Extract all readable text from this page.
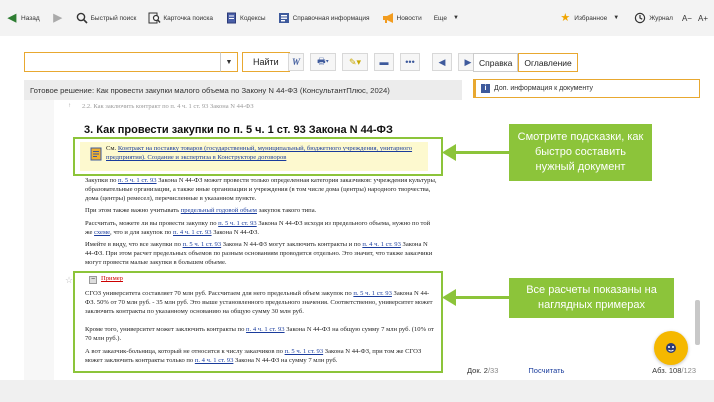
◀ Назад ▶	Быстрый поиск	Карточка поиска	Кодексы	Справочная информация	Новости Еще	▼	★ Избранное	▼	Журнал A− A+
▼	Найти	W 🖶▾ ✎▾ ▬ •••	◀ ▶ Справка	Оглавление
Готовое решение: Как провести закупки малого объема по Закону N 44-ФЗ (КонсультантПлюс, 2024)
↑ 2.2. Как заключить контракт по п. 4 ч. 1 ст. 93 Закона N 44-ФЗ
3. Как провести закупки по п. 5 ч. 1 ст. 93 Закона N 44-ФЗ
См. Контракт на поставку товаров (государственный, муниципальный, бюджетного учреждения, унитарного предприятия). Создание и экспертиза в Конструкторе договоров
Закупки по п. 5 ч. 1 ст. 93 Закона N 44-ФЗ может провести только определенная категория заказчиков: учреждения культуры, образовательные организации, а также иные организации и учреждения (в том числе дома (центры) народного творчества, дома (центры) ремесел), перечисленные в указанном пункте.
При этом также важно учитывать предельный годовой объем закупок такого типа.
Рассчитать, можете ли вы провести закупку по п. 5 ч. 1 ст. 93 Закона N 44-ФЗ исходя из предельного объема, нужно по той же схеме, что и для закупок по п. 4 ч. 1 ст. 93 Закона N 44-ФЗ.
Имейте в виду, что все закупки по п. 5 ч. 1 ст. 93 Закона N 44-ФЗ могут заключить контракты и по п. 4 ч. 1 ст. 93 Закона N 44-ФЗ. При этом расчет предельных объемов по разным основаниям проводится отдельно. Это значит, что также заказчики могут провести малые закупки в большем объеме.
☆	− Пример
СГОЗ университета составляет 70 млн руб. Рассчитаем для него предельный объем закупок по п. 5 ч. 1 ст. 93 Закона N 44-ФЗ. 50% от 70 млн руб. - 35 млн руб. Это выше установленного предельного значения. Соответственно, университет может заключить контракты по указанному основанию на общую сумму 30 млн руб.
Кроме того, университет может заключить контракты по п. 4 ч. 1 ст. 93 Закона N 44-ФЗ на общую сумму 7 млн руб. (10% от 70 млн руб.).
А вот заказчик-больница, который не относится к числу заказчиков по п. 5 ч. 1 ст. 93 Закона N 44-ФЗ, при том же СГОЗ может заключить контракты только по п. 4 ч. 1 ст. 93 Закона N 44-ФЗ на сумму 7 млн руб.
i	Доп. информация к документу
Смотрите подсказки, как быстро составить нужный документ
Все расчеты показаны на наглядных примерах
Док. 2/33	Посчитать	Абз. 108/123
